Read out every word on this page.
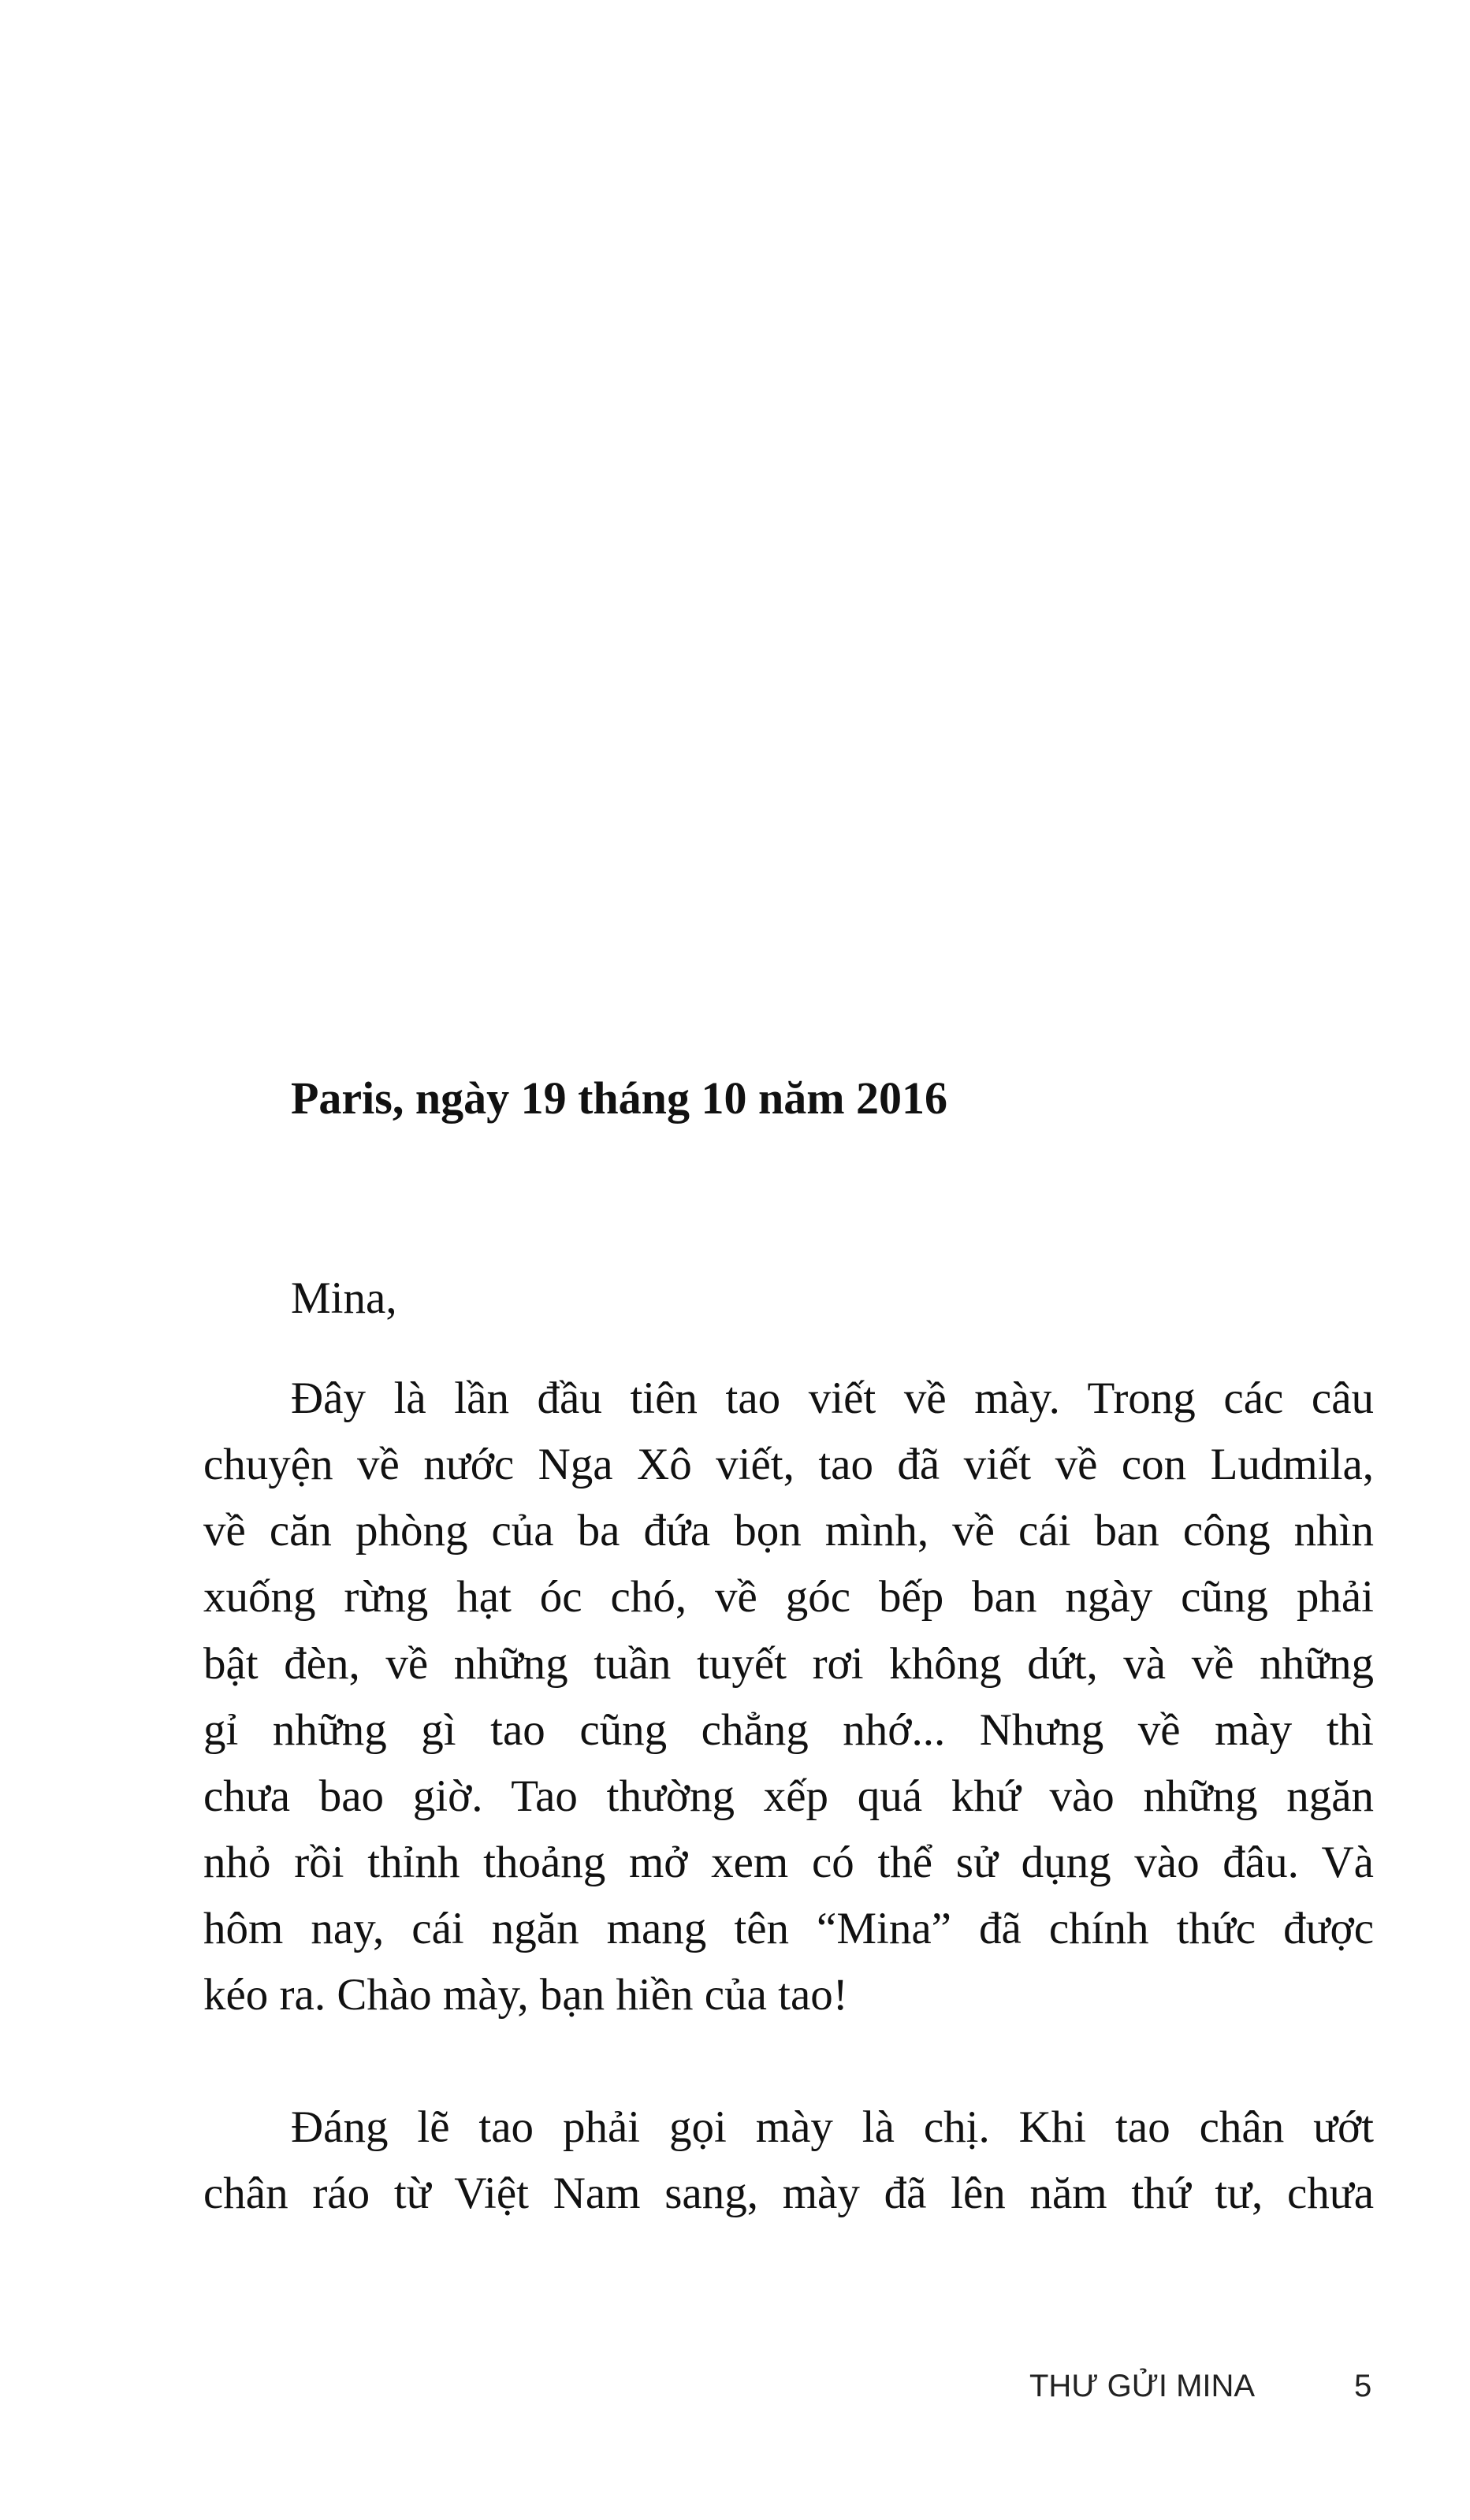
Paris, ngày 19 tháng 10 năm 2016
Mina,
Đây là lần đầu tiên tao viết về mày. Trong các câu
chuyện về nước Nga Xô viết, tao đã viết về con Ludmila,
về căn phòng của ba đứa bọn mình, về cái ban công nhìn
xuống rừng hạt óc chó, về góc bếp ban ngày cũng phải
bật đèn, về những tuần tuyết rơi không dứt, và về những
gỉ những gì tao cũng chẳng nhớ... Nhưng về mày thì
chưa bao giờ. Tao thường xếp quá khứ vào những ngăn
nhỏ rồi thỉnh thoảng mở xem có thể sử dụng vào đâu. Và
hôm nay, cái ngăn mang tên “Mina” đã chính thức được
kéo ra. Chào mày, bạn hiền của tao!
Đáng lẽ tao phải gọi mày là chị. Khi tao chân ướt
chân ráo từ Việt Nam sang, mày đã lên năm thứ tư, chưa
THƯ GỬI MINA	5
